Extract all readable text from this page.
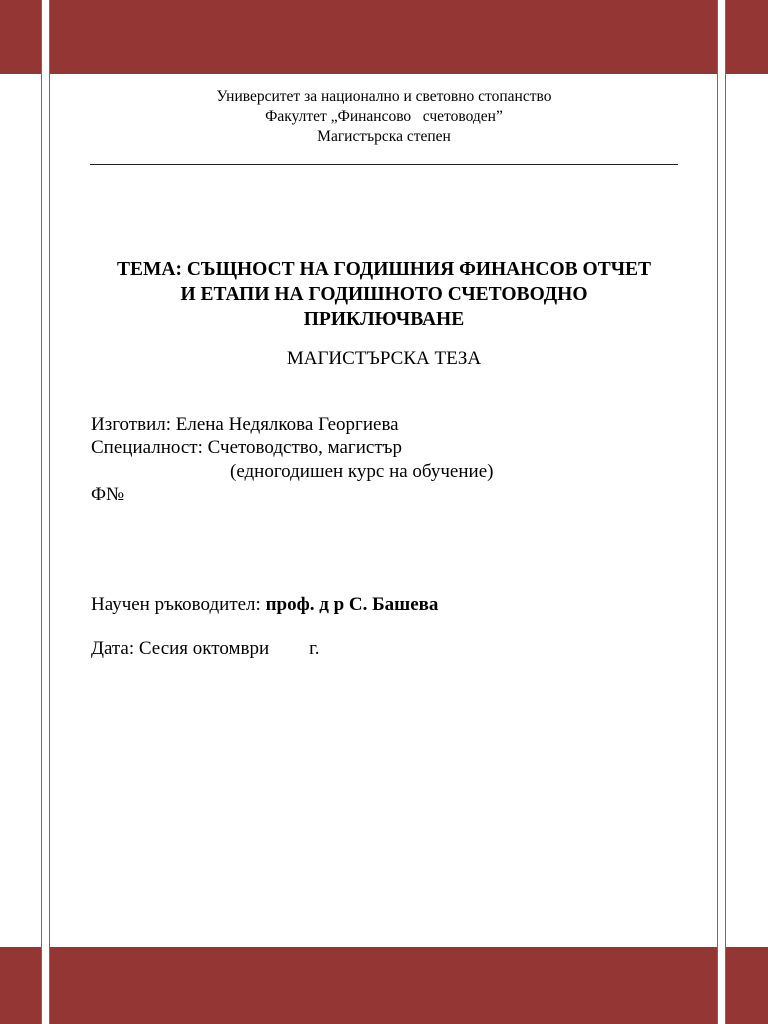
Университет за национално и световно стопанство
Факултет „Финансово   счетоводен”
Магистърска степен
ТЕМА: СЪЩНОСТ НА ГОДИШНИЯ ФИНАНСОВ ОТЧЕТ
И ЕТАПИ НА ГОДИШНОТО СЧЕТОВОДНО
ПРИКЛЮЧВАНЕ
МАГИСТЪРСКА ТЕЗА
Изготвил: Елена Недялкова Георгиева
Специалност: Счетоводство, магистър
(едногодишен курс на обучение)
Ф№
Научен ръководител: проф. д р С. Башева
Дата: Сесия октомври г.
